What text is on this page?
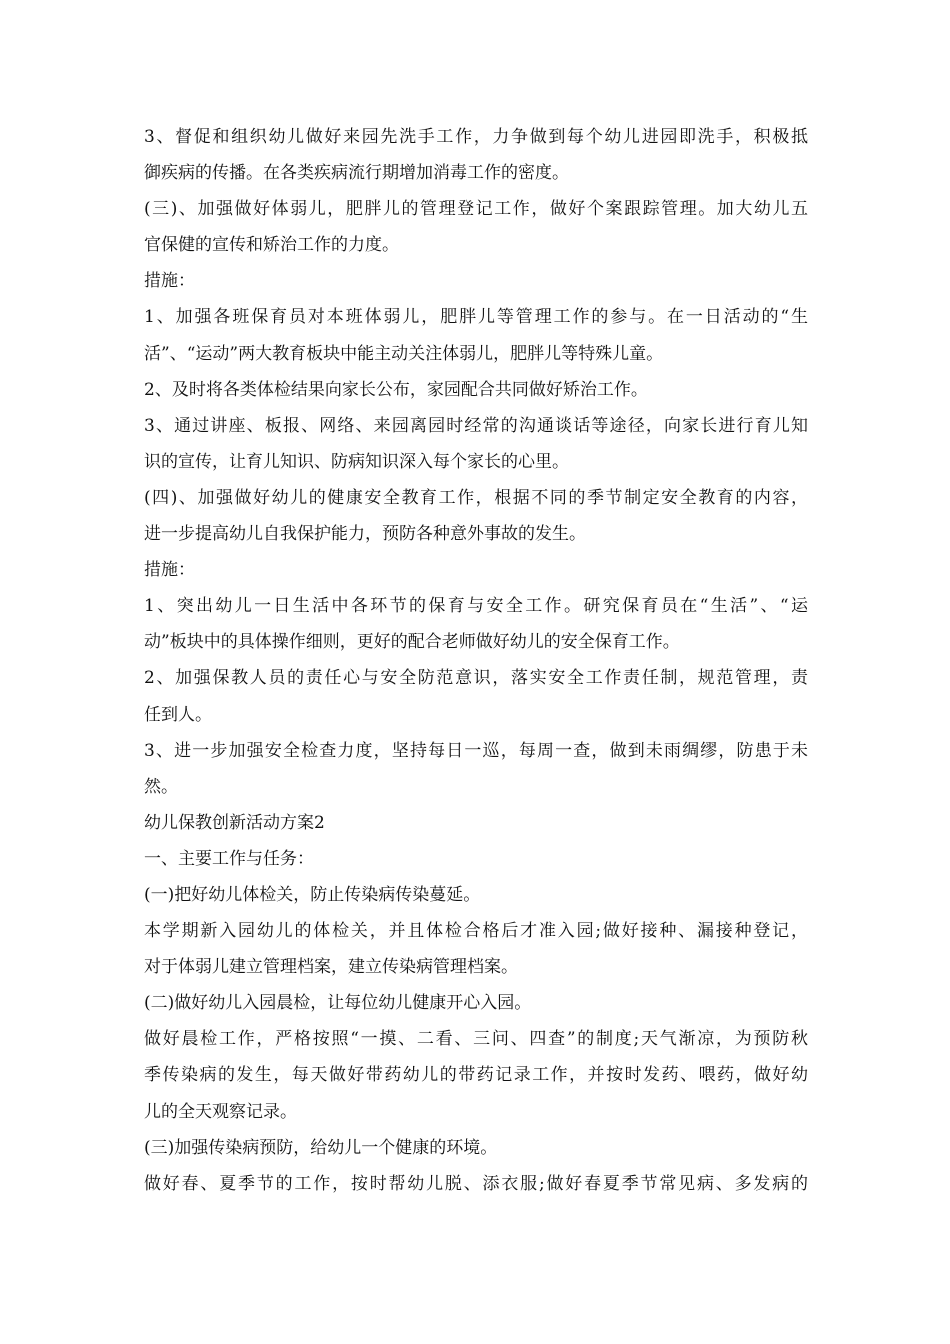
3、督促和组织幼儿做好来园先洗手工作，力争做到每个幼儿进园即洗手，积极抵
御疾病的传播。在各类疾病流行期增加消毒工作的密度。
(三)、加强做好体弱儿，肥胖儿的管理登记工作，做好个案跟踪管理。加大幼儿五
官保健的宣传和矫治工作的力度。
措施：
1、加强各班保育员对本班体弱儿，肥胖儿等管理工作的参与。在一日活动的“生
活”、“运动”两大教育板块中能主动关注体弱儿，肥胖儿等特殊儿童。
2、及时将各类体检结果向家长公布，家园配合共同做好矫治工作。
3、通过讲座、板报、网络、来园离园时经常的沟通谈话等途径，向家长进行育儿知
识的宣传，让育儿知识、防病知识深入每个家长的心里。
(四)、加强做好幼儿的健康安全教育工作，根据不同的季节制定安全教育的内容，
进一步提高幼儿自我保护能力，预防各种意外事故的发生。
措施：
1、突出幼儿一日生活中各环节的保育与安全工作。研究保育员在“生活”、“运
动”板块中的具体操作细则，更好的配合老师做好幼儿的安全保育工作。
2、加强保教人员的责任心与安全防范意识，落实安全工作责任制，规范管理，责
任到人。
3、进一步加强安全检查力度，坚持每日一巡，每周一查，做到未雨绸缪，防患于未
然。
幼儿保教创新活动方案2
一、主要工作与任务：
(一)把好幼儿体检关，防止传染病传染蔓延。
本学期新入园幼儿的体检关，并且体检合格后才准入园;做好接种、漏接种登记，
对于体弱儿建立管理档案，建立传染病管理档案。
(二)做好幼儿入园晨检，让每位幼儿健康开心入园。
做好晨检工作，严格按照“一摸、二看、三问、四查”的制度;天气渐凉，为预防秋
季传染病的发生，每天做好带药幼儿的带药记录工作，并按时发药、喂药，做好幼
儿的全天观察记录。
(三)加强传染病预防，给幼儿一个健康的环境。
做好春、夏季节的工作，按时帮幼儿脱、添衣服;做好春夏季节常见病、多发病的
